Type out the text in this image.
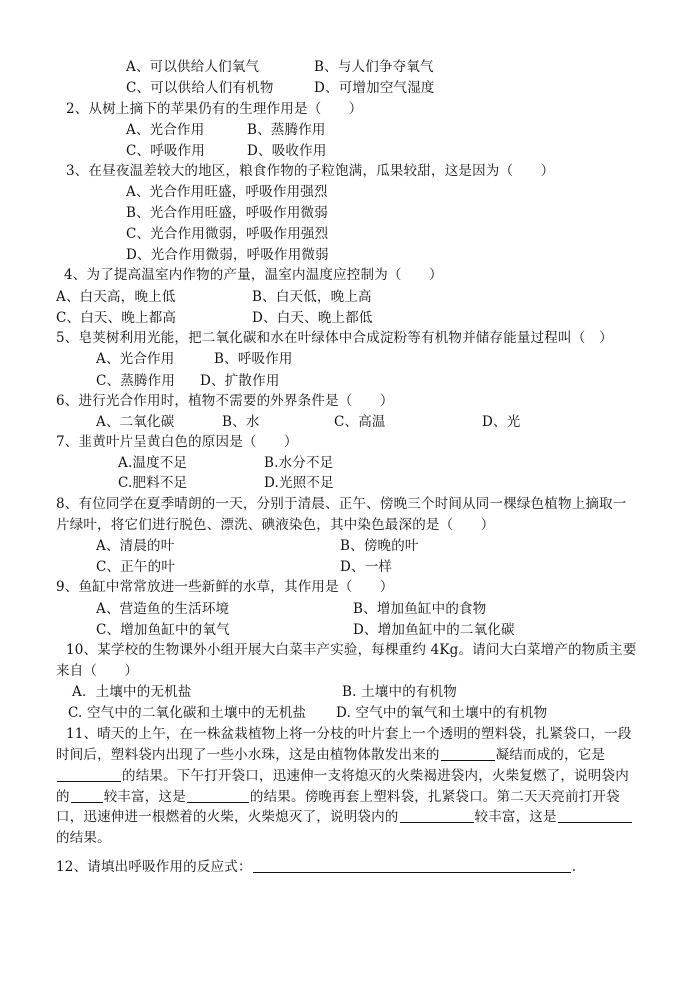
A、可以供给人们氧气	B、与人们争夺氧气
C、可以供给人们有机物	D、可增加空气湿度
2、从树上摘下的苹果仍有的生理作用是（　　）
A、光合作用	B、蒸腾作用
C、呼吸作用	D、吸收作用
3、在昼夜温差较大的地区，粮食作物的子粒饱满，瓜果较甜，这是因为（　　）
A、光合作用旺盛，呼吸作用强烈
B、光合作用旺盛，呼吸作用微弱
C、光合作用微弱，呼吸作用强烈
D、光合作用微弱，呼吸作用微弱
4、为了提高温室内作物的产量，温室内温度应控制为（　　）
A、白天高，晚上低	B、白天低，晚上高
C、白天、晚上都高	D、白天、晚上都低
5、皂荚树利用光能，把二氧化碳和水在叶绿体中合成淀粉等有机物并储存能量过程叫（　）
A、光合作用	B、呼吸作用
C、蒸腾作用 D、扩散作用
6、进行光合作用时，植物不需要的外界条件是（　　）
A、二氧化碳	B、水	C、高温	D、光
7、韭黄叶片呈黄白色的原因是（　　）
A.温度不足	B.水分不足
C.肥料不足	D.光照不足
8、有位同学在夏季晴朗的一天，分别于清晨、正午、傍晚三个时间从同一棵绿色植物上摘取一
片绿叶，将它们进行脱色、漂洗、碘液染色，其中染色最深的是（　　）
A、清晨的叶	B、傍晚的叶
C、正午的叶	D、一样
9、鱼缸中常常放进一些新鲜的水草，其作用是（　　）
A、营造鱼的生活环境	B、增加鱼缸中的食物
C、增加鱼缸中的氧气	D、增加鱼缸中的二氧化碳
10、某学校的生物课外小组开展大白菜丰产实验，每棵重约 4Kg。请问大白菜增产的物质主要
来自（　　）
A．土壤中的无机盐	B. 土壤中的有机物
C. 空气中的二氧化碳和土壤中的无机盐 D. 空气中的氧气和土壤中的有机物
11、晴天的上午，在一株盆栽植物上将一分枝的叶片套上一个透明的塑料袋，扎紧袋口，一段
时间后，塑料袋内出现了一些小水珠，这是由植物体散发出来的	凝结而成的，它是
的结果。下午打开袋口，迅速伸一支将熄灭的火柴褐进袋内，火柴复燃了，说明袋内
的	较丰富，这是	的结果。傍晚再套上塑料袋，扎紧袋口。第二天天亮前打开袋
口，迅速伸进一根燃着的火柴，火柴熄灭了，说明袋内的	较丰富，这是
的结果。
12、请填出呼吸作用的反应式：	.
